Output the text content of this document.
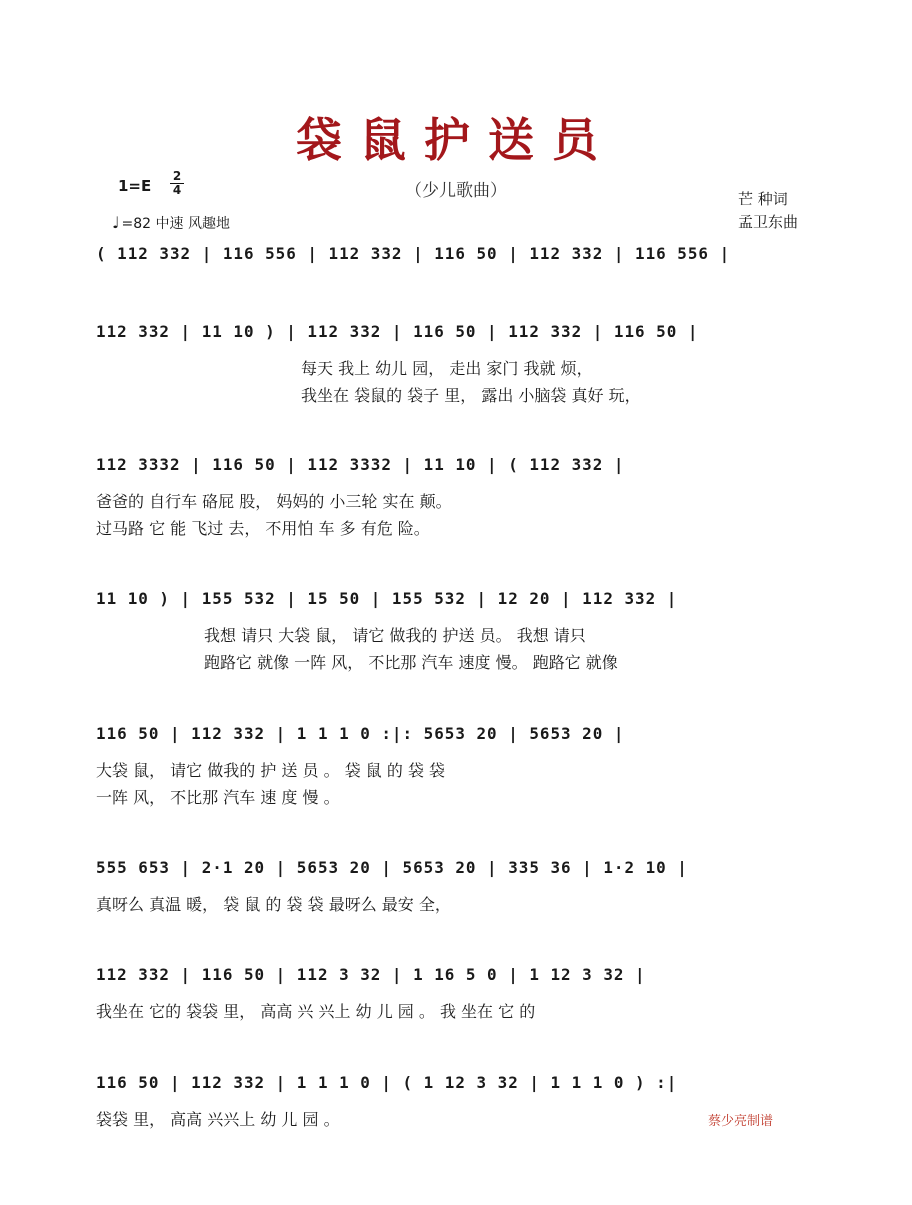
袋鼠护送员
（少儿歌曲）
1=E
2
4
♩ =82 中速 风趣地
芒 种词
孟卫东曲
( 112 332 | 116 556 | 112 332 | 116 50 | 112 332 | 116 556 |
112 332 | 11 10 ) | 112 332 | 116 50 | 112 332 | 116 50 |
每天 我上 幼儿 园， 走出 家门 我就 烦，
我坐在 袋鼠的 袋子 里， 露出 小脑袋 真好 玩，
112 3332 | 116 50 | 112 3332 | 11 10 | ( 112 332 |
爸爸的 自行车 硌屁 股， 妈妈的 小三轮 实在 颠。
过马路 它 能 飞过 去， 不用怕 车 多 有危 险。
11 10 ) | 155 532 | 15 50 | 155 532 | 12 20 | 112 332 |
我想 请只 大袋 鼠， 请它 做我的 护送 员。 我想 请只
跑路它 就像 一阵 风， 不比那 汽车 速度 慢。 跑路它 就像
116 50 | 112 332 | 1 1 1 0 :|: 5653 20 | 5653 20 |
大袋 鼠， 请它 做我的 护 送 员 。 袋 鼠 的 袋 袋
一阵 风， 不比那 汽车 速 度 慢 。
555 653 | 2·1 20 | 5653 20 | 5653 20 | 335 36 | 1·2 10 |
真呀么 真温 暖， 袋 鼠 的 袋 袋 最呀么 最安 全，
112 332 | 116 50 | 112 3 32 | 1 16 5 0 | 1 12 3 32 |
我坐在 它的 袋袋 里， 高高 兴 兴上 幼 儿 园 。 我 坐在 它 的
116 50 | 112 332 | 1 1 1 0 | ( 1 12 3 32 | 1 1 1 0 ) :|
袋袋 里， 高高 兴兴上 幼 儿 园 。	蔡少亮制谱
